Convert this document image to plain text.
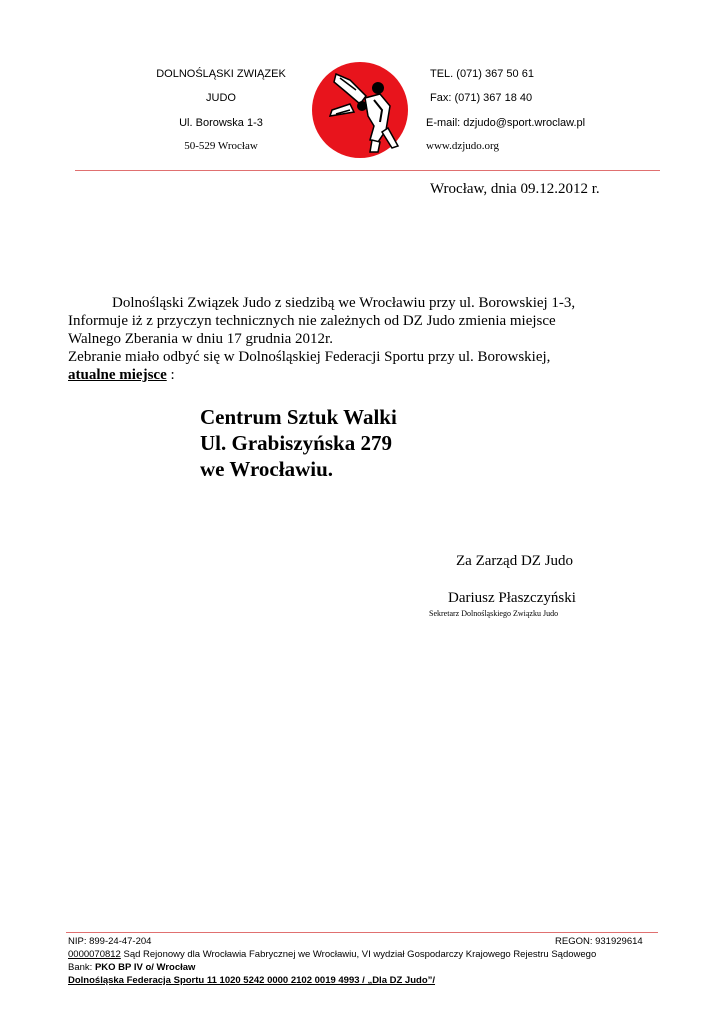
DOLNOŚLĄSKI ZWIĄZEK
JUDO
Ul. Borowska 1-3
50-529 Wrocław
TEL. (071) 367 50 61
Fax: (071) 367 18 40
E-mail: dzjudo@sport.wroclaw.pl
www.dzjudo.org
Wrocław, dnia 09.12.2012 r.
Dolnośląski Związek Judo z siedzibą we Wrocławiu przy ul. Borowskiej 1-3,
Informuje iż z przyczyn technicznych nie zależnych od DZ Judo zmienia miejsce
Walnego Zberania w dniu 17 grudnia 2012r.
Zebranie miało odbyć się w Dolnośląskiej Federacji Sportu przy ul. Borowskiej,
atualne miejsce :
Centrum Sztuk Walki
Ul. Grabiszyńska 279
we Wrocławiu.
Za Zarząd DZ Judo
Dariusz Płaszczyński
Sekretarz Dolnośląskiego Związku Judo
NIP: 899-24-47-204	REGON: 931929614
0000070812 Sąd Rejonowy dla Wrocławia Fabrycznej we Wrocławiu, VI wydział Gospodarczy Krajowego Rejestru Sądowego
Bank: PKO BP IV o/ Wrocław
Dolnośląska Federacja Sportu 11 1020 5242 0000 2102 0019 4993 / „Dla DZ Judo”/
